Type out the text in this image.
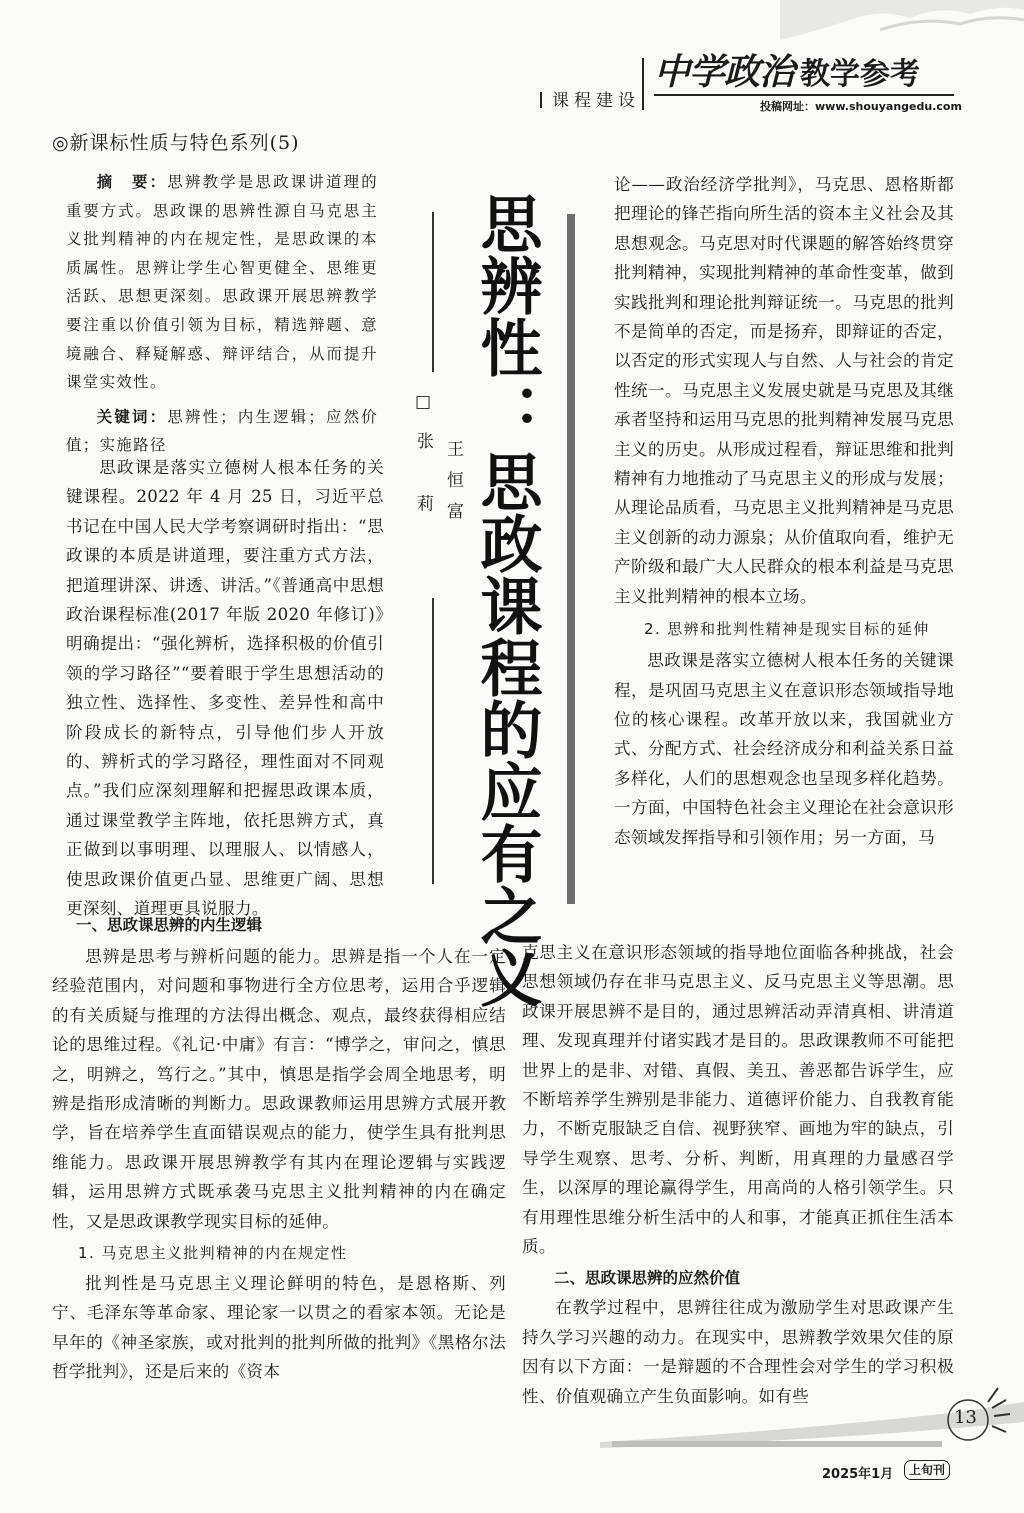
课程建设
中学政治 教学参考
投稿网址：www.shouyangedu.com
◎新课标性质与特色系列(5)

摘　要：思辨教学是思政课讲道理的重要方式。思政课的思辨性源自马克思主义批判精神的内在规定性，是思政课的本质属性。思辨让学生心智更健全、思维更活跃、思想更深刻。思政课开展思辨教学要注重以价值引领为目标，精选辩题、意境融合、释疑解惑、辩评结合，从而提升课堂实效性。

关键词：思辨性；内生逻辑；应然价值；实施路径

思政课是落实立德树人根本任务的关键课程。2022 年 4 月 25 日，习近平总书记在中国人民大学考察调研时指出：“思政课的本质是讲道理，要注重方式方法，把道理讲深、讲透、讲活。”《普通高中思想政治课程标准(2017 年版 2020 年修订)》明确提出：“强化辨析，选择积极的价值引领的学习路径”“要着眼于学生思想活动的独立性、选择性、多变性、差异性和高中阶段成长的新特点，引导他们步人开放的、辨析式的学习路径，理性面对不同观点。”我们应深刻理解和把握思政课本质，通过课堂教学主阵地，依托思辨方式，真正做到以事明理、以理服人、以情感人，使思政课价值更凸显、思维更广阔、思想更深刻、道理更具说服力。

□张 莉 王恒富
思辨性
：
思政课程的应有之义

论——政治经济学批判》，马克思、恩格斯都把理论的锋芒指向所生活的资本主义社会及其思想观念。马克思对时代课题的解答始终贯穿批判精神，实现批判精神的革命性变革，做到实践批判和理论批判辩证统一。马克思的批判不是简单的否定，而是扬弃，即辩证的否定，以否定的形式实现人与自然、人与社会的肯定性统一。马克思主义发展史就是马克思及其继承者坚持和运用马克思的批判精神发展马克思主义的历史。从形成过程看，辩证思维和批判精神有力地推动了马克思主义的形成与发展；从理论品质看，马克思主义批判精神是马克思主义创新的动力源泉；从价值取向看，维护无产阶级和最广大人民群众的根本利益是马克思主义批判精神的根本立场。

2. 思辨和批判性精神是现实目标的延伸

思政课是落实立德树人根本任务的关键课程，是巩固马克思主义在意识形态领域指导地位的核心课程。改革开放以来，我国就业方式、分配方式、社会经济成分和利益关系日益多样化，人们的思想观念也呈现多样化趋势。一方面，中国特色社会主义理论在社会意识形态领域发挥指导和引领作用；另一方面，马

一、思政课思辨的内生逻辑

思辨是思考与辨析问题的能力。思辨是指一个人在一定经验范围内，对问题和事物进行全方位思考，运用合乎逻辑的有关质疑与推理的方法得出概念、观点，最终获得相应结论的思维过程。《礼记·中庸》有言：“博学之，审问之，慎思之，明辨之，笃行之。”其中，慎思是指学会周全地思考，明辨是指形成清晰的判断力。思政课教师运用思辨方式展开教学，旨在培养学生直面错误观点的能力，使学生具有批判思维能力。思政课开展思辨教学有其内在理论逻辑与实践逻辑，运用思辨方式既承袭马克思主义批判精神的内在确定性，又是思政课教学现实目标的延伸。

1. 马克思主义批判精神的内在规定性

批判性是马克思主义理论鲜明的特色，是恩格斯、列宁、毛泽东等革命家、理论家一以贯之的看家本领。无论是早年的《神圣家族，或对批判的批判所做的批判》《黑格尔法哲学批判》，还是后来的《资本

克思主义在意识形态领域的指导地位面临各种挑战，社会思想领域仍存在非马克思主义、反马克思主义等思潮。思政课开展思辨不是目的，通过思辨活动弄清真相、讲清道理、发现真理并付诸实践才是目的。思政课教师不可能把世界上的是非、对错、真假、美丑、善恶都告诉学生，应不断培养学生辨别是非能力、道德评价能力、自我教育能力，不断克服缺乏自信、视野狭窄、画地为牢的缺点，引导学生观察、思考、分析、判断，用真理的力量感召学生，以深厚的理论赢得学生，用高尚的人格引领学生。只有用理性思维分析生活中的人和事，才能真正抓住生活本质。

二、思政课思辨的应然价值

在教学过程中，思辨往往成为激励学生对思政课产生持久学习兴趣的动力。在现实中，思辨教学效果欠佳的原因有以下方面：一是辩题的不合理性会对学生的学习积极性、价值观确立产生负面影响。如有些

13
2025年1月	上旬刊
